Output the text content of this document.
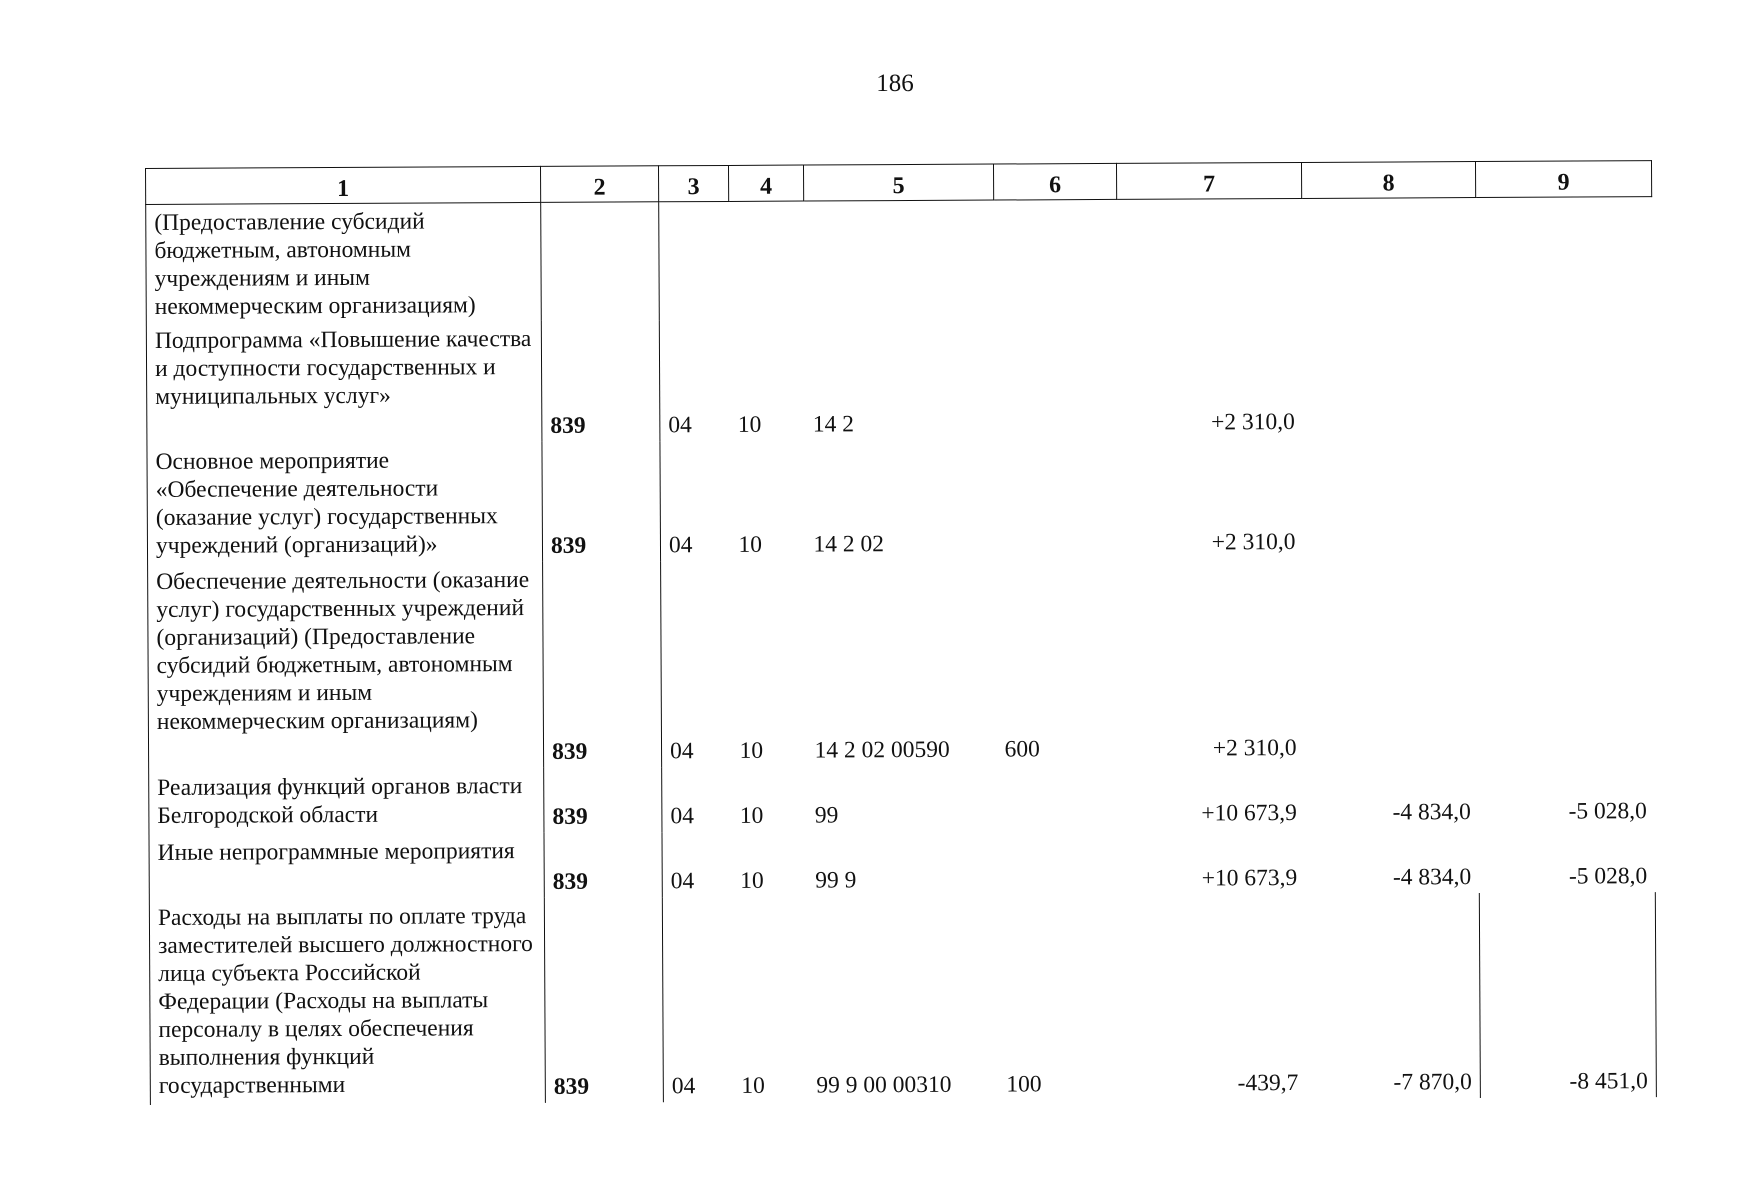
186
1	2	3	4	5	6	7	8	9
(Предоставление субсидий бюджетным, автономным учреждениям и иным некоммерческим организациям)								
Подпрограмма «Повышение качества и доступности государственных и муниципальных услуг»	839	04	10	14 2		+2 310,0		
Основное мероприятие «Обеспечение деятельности (оказание услуг) государственных учреждений (организаций)»	839	04	10	14 2 02		+2 310,0		
Обеспечение деятельности (оказание услуг) государственных учреждений (организаций) (Предоставление субсидий бюджетным, автономным учреждениям и иным некоммерческим организациям)	839	04	10	14 2 02 00590	600	+2 310,0		
Реализация функций органов власти Белгородской области	839	04	10	99		+10 673,9	-4 834,0	-5 028,0
Иные непрограммные мероприятия	839	04	10	99 9		+10 673,9	-4 834,0	-5 028,0
Расходы на выплаты по оплате труда заместителей высшего должностного лица субъекта Российской Федерации (Расходы на выплаты персоналу в целях обеспечения выполнения функций государственными	839	04	10	99 9 00 00310	100	-439,7	-7 870,0	-8 451,0
